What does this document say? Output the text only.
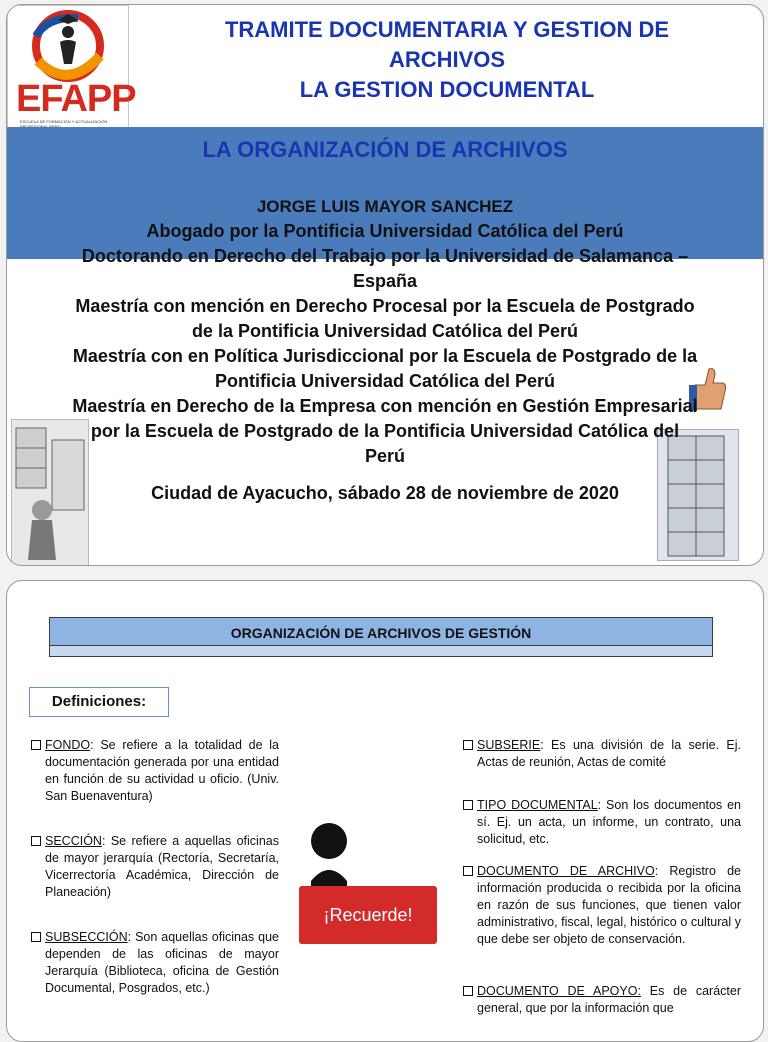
EFAPP
ESCUELA DE FORMACIÓN Y ACTUALIZACIÓN
TRAMITE DOCUMENTARIA Y GESTION DE
ARCHIVOS
LA GESTION DOCUMENTAL
LA ORGANIZACIÓN DE ARCHIVOS
JORGE LUIS MAYOR SANCHEZ
Abogado por la Pontificia Universidad Católica del Perú
Doctorando en Derecho del Trabajo por la Universidad de Salamanca –
España
Maestría con mención en Derecho Procesal por la Escuela de Postgrado
de la Pontificia Universidad Católica del Perú
Maestría con en Política Jurisdiccional por la Escuela de Postgrado de la
Pontificia Universidad Católica del Perú
Maestría en Derecho de la Empresa con mención en Gestión Empresarial
por la Escuela de Postgrado de la Pontificia Universidad Católica del
Perú
Ciudad de Ayacucho, sábado 28 de noviembre de 2020
ORGANIZACIÓN DE ARCHIVOS DE GESTIÓN
Definiciones:
FONDO: Se refiere a la totalidad de la documentación generada por una entidad en función de su actividad u oficio. (Univ. San Buenaventura)
SECCIÓN: Se refiere a aquellas oficinas de mayor jerarquía (Rectoría, Secretaría, Vicerrectoría Académica, Dirección de Planeación)
SUBSECCIÓN: Son aquellas oficinas que dependen de las oficinas de mayor Jerarquía (Biblioteca, oficina de Gestión Documental, Posgrados, etc.)
¡Recuerde!
SUBSERIE: Es una división de la serie. Ej. Actas de reunión, Actas de comité
TIPO DOCUMENTAL: Son los documentos en sí. Ej. un acta, un informe, un contrato, una solicitud, etc.
DOCUMENTO DE ARCHIVO: Registro de información producida o recibida por la oficina en razón de sus funciones, que tienen valor administrativo, fiscal, legal, histórico o cultural y que debe ser objeto de conservación.
DOCUMENTO DE APOYO: Es de carácter general, que por la información que
